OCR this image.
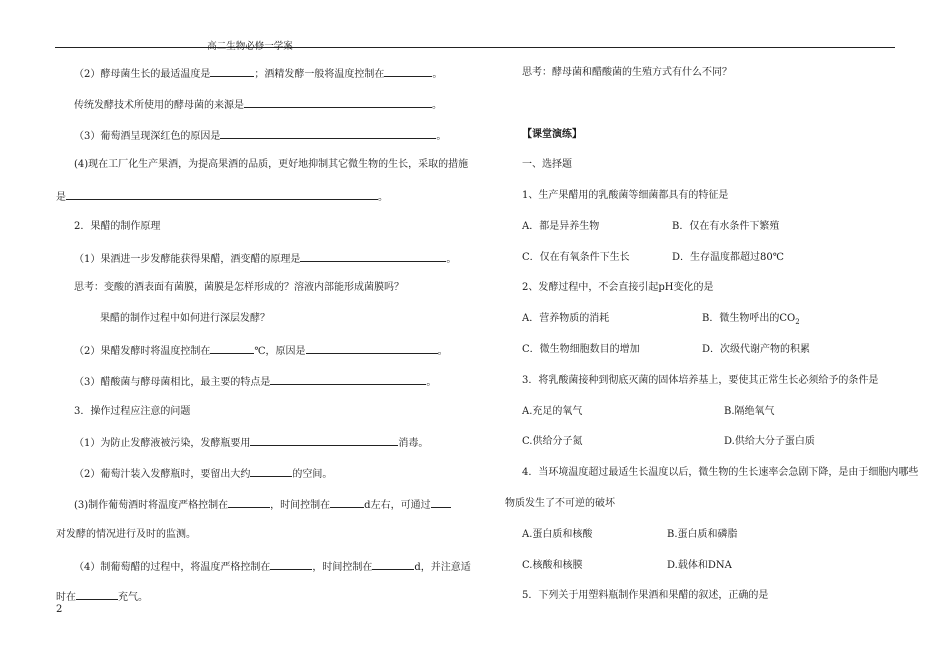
高二生物必修一学案
（2）酵母菌生长的最适温度是	；酒精发酵一般将温度控制在	。
传统发酵技术所使用的酵母菌的来源是	。
（3）葡萄酒呈现深红色的原因是	。
(4)现在工厂化生产果酒，为提高果酒的品质，更好地抑制其它微生物的生长，采取的措施
是	。
2．果醋的制作原理
（1）果酒进一步发酵能获得果醋，酒变醋的原理是	。
思考：变酸的酒表面有菌膜，菌膜是怎样形成的？溶液内部能形成菌膜吗？
果醋的制作过程中如何进行深层发酵？
（2）果醋发酵时将温度控制在	℃，原因是	。
（3）醋酸菌与酵母菌相比，最主要的特点是	。
3．操作过程应注意的问题
（1）为防止发酵液被污染，发酵瓶要用	消毒。
（2）葡萄汁装入发酵瓶时，要留出大约	的空间。
(3)制作葡萄酒时将温度严格控制在	，时间控制在	d左右，可通过
对发酵的情况进行及时的监测。
（4）制葡萄醋的过程中，将温度严格控制在	，时间控制在	d，并注意适
时在	充气。
2
思考：酵母菌和醋酸菌的生殖方式有什么不同？
【课堂演练】
一、选择题
1、生产果醋用的乳酸菌等细菌都具有的特征是
A．都是异养生物	B．仅在有水条件下繁殖
C．仅在有氧条件下生长	D．生存温度都超过80℃
2、发酵过程中，不会直接引起pH变化的是
A．营养物质的消耗	B．微生物呼出的$CO_2$
C．微生物细胞数目的增加	D．次级代谢产物的积累
3．将乳酸菌接种到彻底灭菌的固体培养基上，要使其正常生长必须给予的条件是
A.充足的氧气	B.隔绝氧气
C.供给分子氮	D.供给大分子蛋白质
4．当环境温度超过最适生长温度以后，微生物的生长速率会急剧下降，是由于细胞内哪些
物质发生了不可逆的破坏
A.蛋白质和核酸	B.蛋白质和磷脂
C.核酸和核膜	D.载体和DNA
5．下列关于用塑料瓶制作果酒和果醋的叙述，正确的是
